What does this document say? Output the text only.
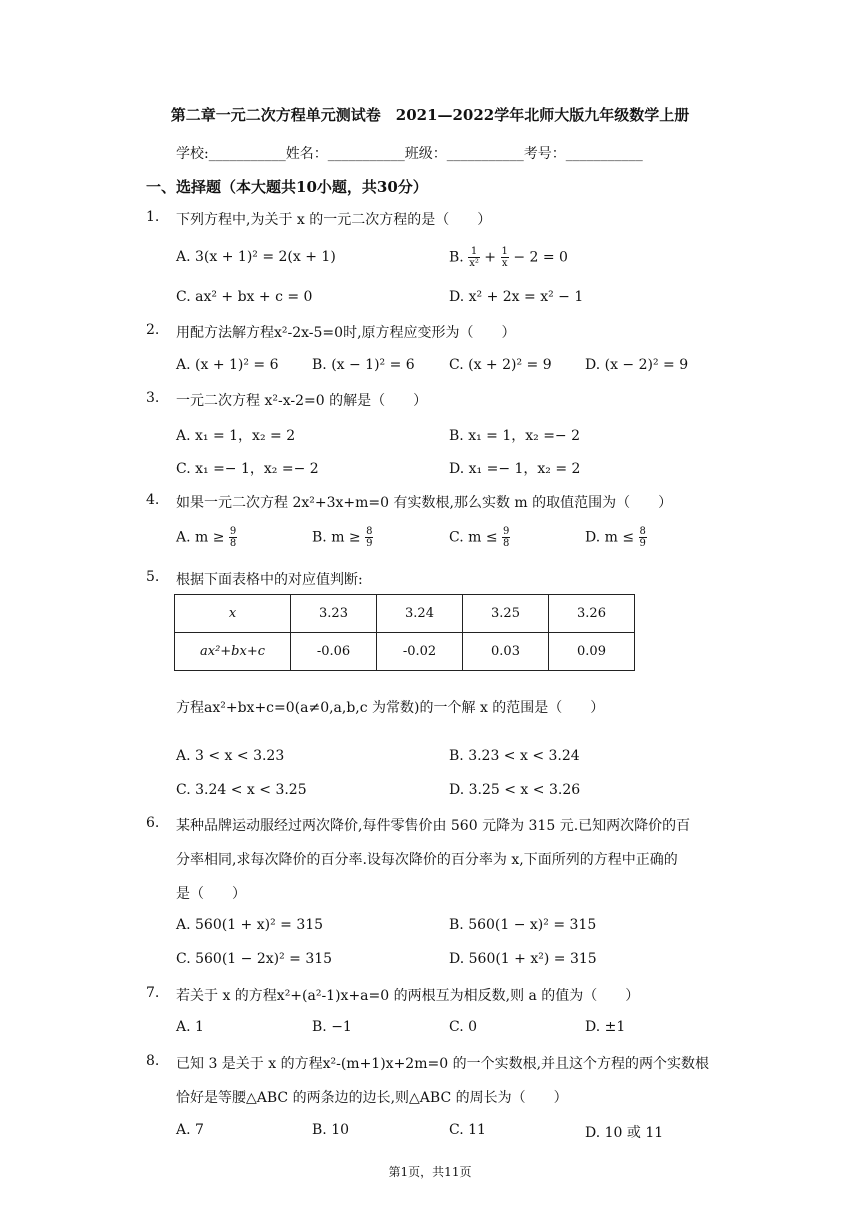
第二章一元二次方程单元测试卷　2021—2022学年北师大版九年级数学上册
学校:___________姓名：___________班级：___________考号：___________
一、选择题（本大题共10小题，共30分）
1. 下列方程中,为关于 x 的一元二次方程的是（　　）
A. 3(x + 1)² = 2(x + 1)	B. $\frac{1}{\text{x²}} + \frac{1}{x} - 2 = 0$
C. ax² + bx + c = 0	D. x² + 2x = x² − 1
2. 用配方法解方程x²-2x-5=0时,原方程应变形为（　　）
A. (x + 1)² = 6 B. (x − 1)² = 6 C. (x + 2)² = 9 D. (x − 2)² = 9
3. 一元二次方程 x²-x-2=0 的解是（　　）
A. x₁ = 1，x₂ = 2	B. x₁ = 1，x₂ =− 2
C. x₁ =− 1，x₂ =− 2	D. x₁ =− 1，x₂ = 2
4. 如果一元二次方程 2x²+3x+m=0 有实数根,那么实数 m 的取值范围为（　　）
A. $m \ge \frac{9}{8}$	B. $m \ge \frac{8}{9}$	C. $m \le \frac{9}{8}$	D. $m \le \frac{8}{9}$
5. 根据下面表格中的对应值判断:
x	3.23	3.24	3.25	3.26
ax²+bx+c	-0.06	-0.02	0.03	0.09
方程ax²+bx+c=0(a≠0,a,b,c 为常数)的一个解 x 的范围是（　　）
A. 3 < x < 3.23	B. 3.23 < x < 3.24
C. 3.24 < x < 3.25	D. 3.25 < x < 3.26
6. 某种品牌运动服经过两次降价,每件零售价由 560 元降为 315 元.已知两次降价的百
分率相同,求每次降价的百分率.设每次降价的百分率为 x,下面所列的方程中正确的
是（　　）
A. 560(1 + x)² = 315	B. 560(1 − x)² = 315
C. 560(1 − 2x)² = 315	D. 560(1 + x²) = 315
7. 若关于 x 的方程x²+(a²-1)x+a=0 的两根互为相反数,则 a 的值为（　　）
A. 1	B. −1	C. 0	D. ±1
8. 已知 3 是关于 x 的方程x²-(m+1)x+2m=0 的一个实数根,并且这个方程的两个实数根
恰好是等腰△ABC 的两条边的边长,则△ABC 的周长为（　　）
A. 7	B. 10	C. 11	D. 10 或 11
第1页，共11页
